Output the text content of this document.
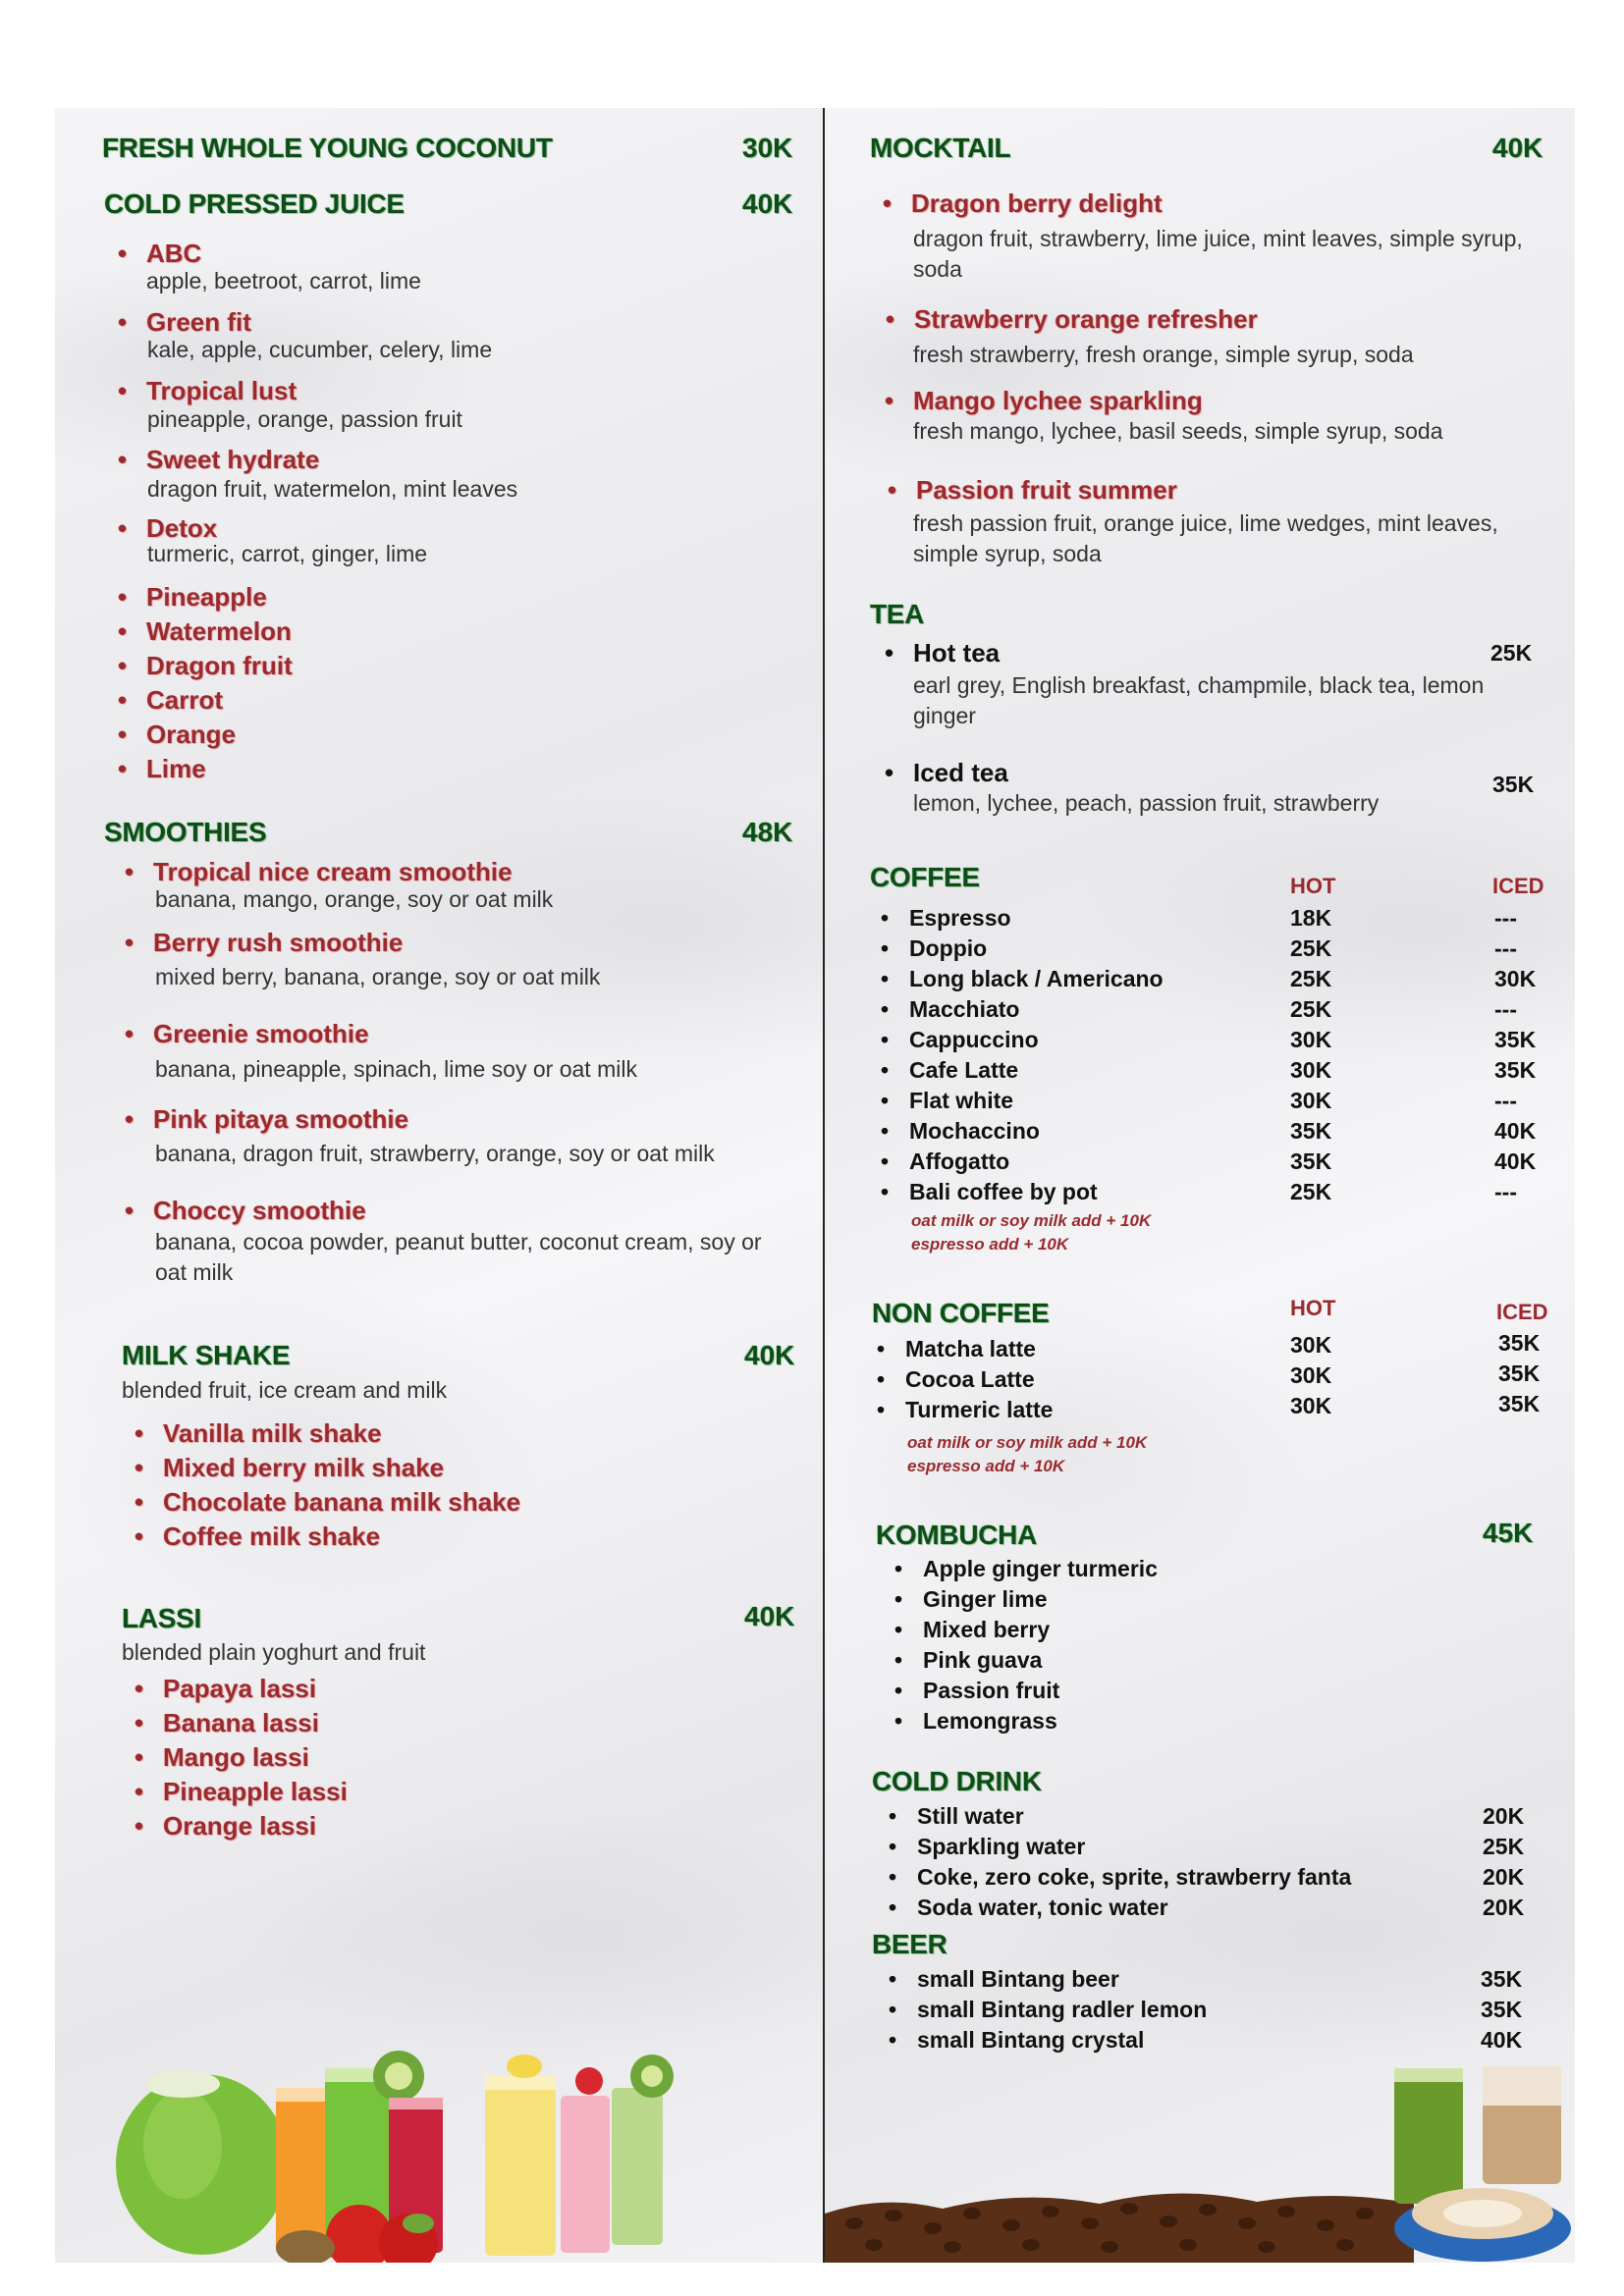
FRESH WHOLE YOUNG COCONUT	30K
COLD PRESSED JUICE	40K
• ABC
apple, beetroot, carrot, lime
• Green fit
kale, apple, cucumber, celery, lime
• Tropical lust
pineapple, orange, passion fruit
• Sweet hydrate
dragon fruit, watermelon, mint leaves
• Detox
turmeric, carrot, ginger, lime
• Pineapple
• Watermelon
• Dragon fruit
• Carrot
• Orange
• Lime
SMOOTHIES	48K
• Tropical nice cream smoothie
banana, mango, orange, soy or oat milk
• Berry rush smoothie
mixed berry, banana, orange, soy or oat milk
• Greenie smoothie
banana, pineapple, spinach, lime soy or oat milk
• Pink pitaya smoothie
banana, dragon fruit, strawberry, orange, soy or oat milk
• Choccy smoothie
banana, cocoa powder, peanut butter, coconut cream, soy or oat milk
MILK SHAKE	40K
blended fruit, ice cream and milk
• Vanilla milk shake
• Mixed berry milk shake
• Chocolate banana milk shake
• Coffee milk shake
LASSI	40K
blended plain yoghurt and fruit
• Papaya lassi
• Banana lassi
• Mango lassi
• Pineapple lassi
• Orange lassi
MOCKTAIL	40K
• Dragon berry delight
dragon fruit, strawberry, lime juice, mint leaves, simple syrup, soda
• Strawberry orange refresher
fresh strawberry, fresh orange, simple syrup, soda
• Mango lychee sparkling
fresh mango, lychee, basil seeds, simple syrup, soda
• Passion fruit summer
fresh passion fruit, orange juice, lime wedges, mint leaves, simple syrup, soda
TEA
• Hot tea	25K
earl grey, English breakfast, champmile, black tea, lemon ginger
• Iced tea	35K
lemon, lychee, peach, passion fruit, strawberry
COFFEE	HOT	ICED
• Espresso	18K	---
• Doppio	25K	---
• Long black / Americano	25K	30K
• Macchiato	25K	---
• Cappuccino	30K	35K
• Cafe Latte	30K	35K
• Flat white	30K	---
• Mochaccino	35K	40K
• Affogatto	35K	40K
• Bali coffee by pot	25K	---
oat milk or soy milk add + 10K
espresso add + 10K
NON COFFEE	HOT	ICED
• Matcha latte	30K	35K
• Cocoa Latte	30K	35K
• Turmeric latte	30K	35K
oat milk or soy milk add + 10K
espresso add + 10K
KOMBUCHA	45K
• Apple ginger turmeric
• Ginger lime
• Mixed berry
• Pink guava
• Passion fruit
• Lemongrass
COLD DRINK
• Still water	20K
• Sparkling water	25K
• Coke, zero coke, sprite, strawberry fanta	20K
• Soda water, tonic water	20K
BEER
• small Bintang beer	35K
• small Bintang radler lemon	35K
• small Bintang crystal	40K
